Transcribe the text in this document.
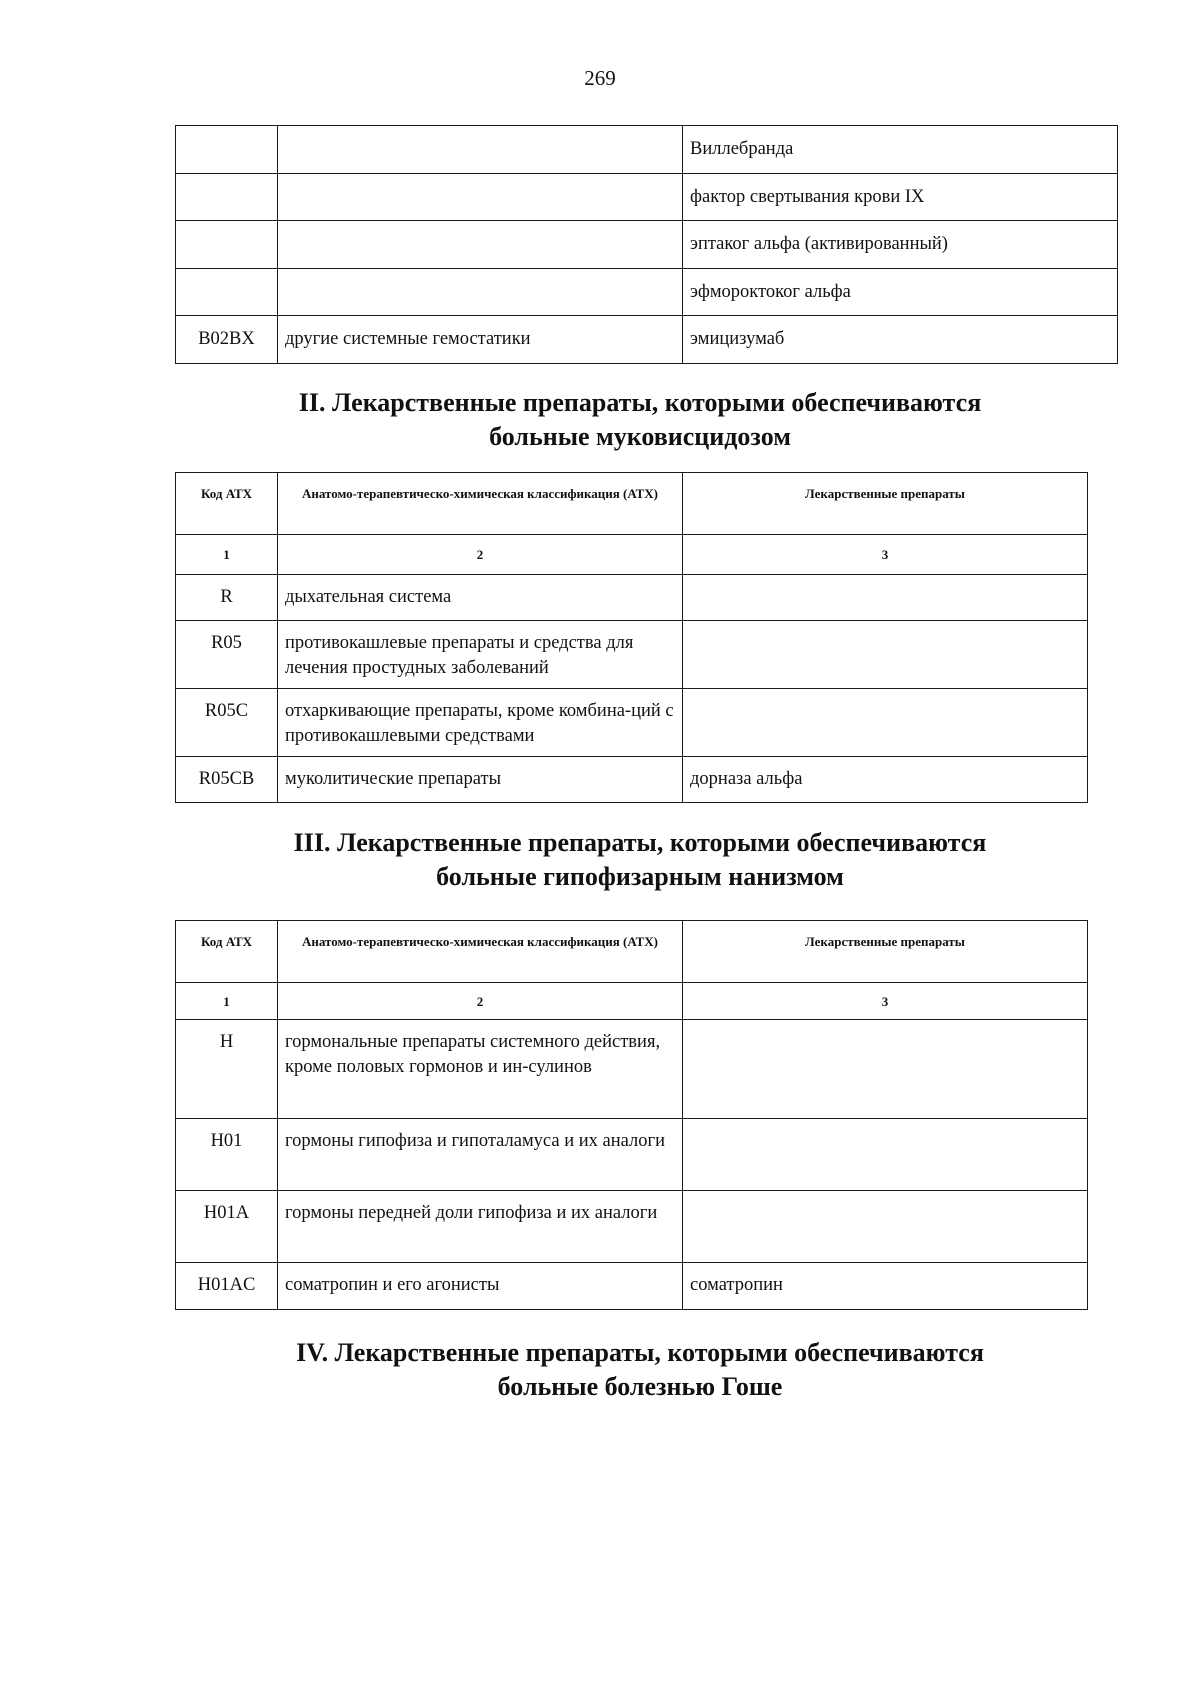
269
		Виллебранда
		фактор свертывания крови IX
		эптаког альфа (активированный)
		эфмороктоког альфа
B02BX	другие системные гемостатики	эмицизумаб
II. Лекарственные препараты, которыми обеспечиваются
больные муковисцидозом
Код АТХ	Анатомо-терапевтическо-химическая классификация (АТХ)	Лекарственные препараты
1	2	3
R	дыхательная система	
R05	противокашлевые препараты и средства для лечения простудных заболеваний	
R05C	отхаркивающие препараты, кроме комбина-ций с противокашлевыми средствами	
R05CB	муколитические препараты	дорназа альфа
III. Лекарственные препараты, которыми обеспечиваются
больные гипофизарным нанизмом
Код АТХ	Анатомо-терапевтическо-химическая классификация (АТХ)	Лекарственные препараты
1	2	3
H	гормональные препараты системного действия, кроме половых гормонов и ин-сулинов	
H01	гормоны гипофиза и гипоталамуса и их аналоги	
H01A	гормоны передней доли гипофиза и их аналоги	
H01AC	соматропин и его агонисты	соматропин
IV. Лекарственные препараты, которыми обеспечиваются
больные болезнью Гоше
